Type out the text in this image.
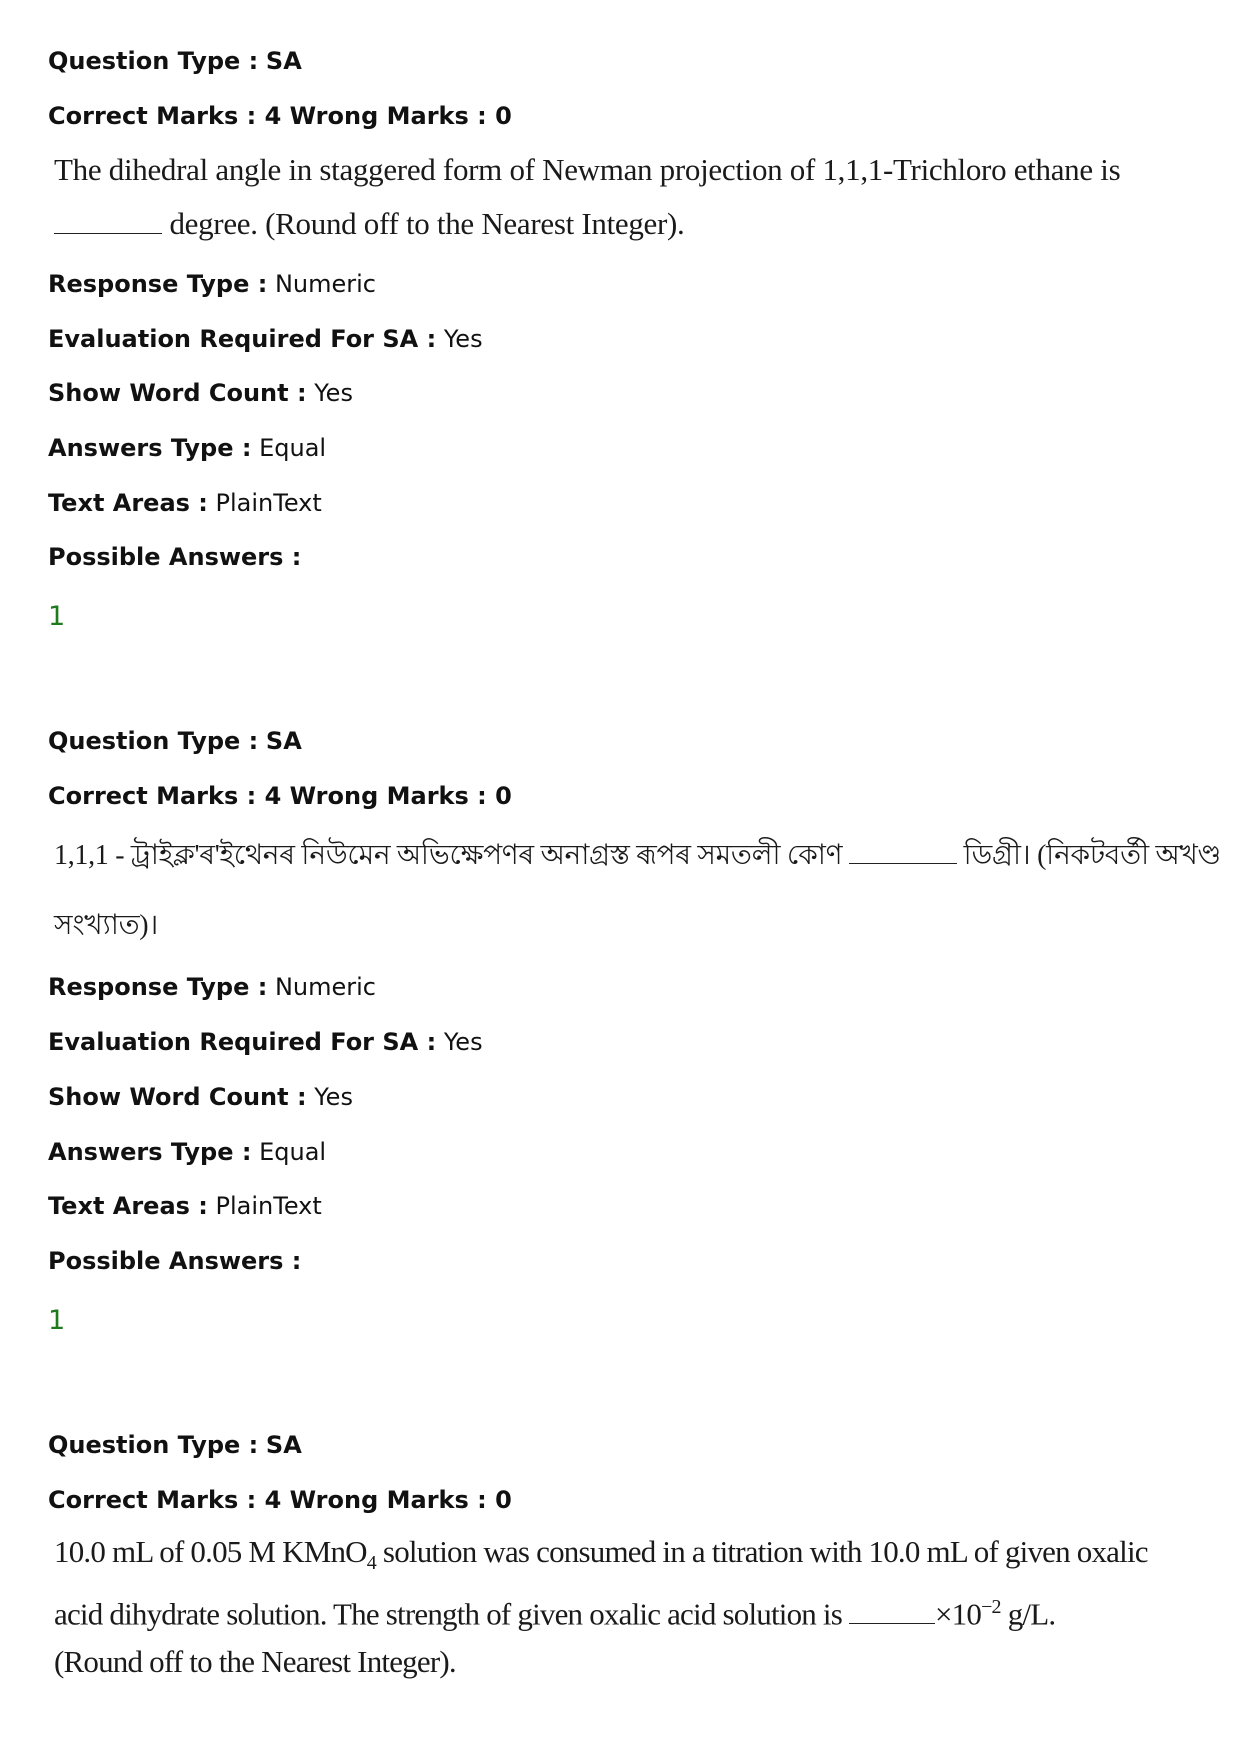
Question Type : SA
Correct Marks : 4 Wrong Marks : 0
The dihedral angle in staggered form of Newman projection of 1,1,1-Trichloro ethane is
degree. (Round off to the Nearest Integer).
Response Type : Numeric
Evaluation Required For SA : Yes
Show Word Count : Yes
Answers Type : Equal
Text Areas : PlainText
Possible Answers :
1
Question Type : SA
Correct Marks : 4 Wrong Marks : 0
1,1,1 - ট্ৰাইক্ল'ৰ'ইথেনৰ নিউমেন অভিক্ষেপণৰ অনাগ্ৰস্ত ৰূপৰ সমতলী কোণ	ডিগ্ৰী। (নিকটবৰ্তী অখণ্ড
সংখ্যাত)।
Response Type : Numeric
Evaluation Required For SA : Yes
Show Word Count : Yes
Answers Type : Equal
Text Areas : PlainText
Possible Answers :
1
Question Type : SA
Correct Marks : 4 Wrong Marks : 0
10.0 mL of 0.05 M KMnO$_4$ solution was consumed in a titration with 10.0 mL of given oxalic
acid dihydrate solution. The strength of given oxalic acid solution is	$\times 10^{-2}$ g/L.
(Round off to the Nearest Integer).
